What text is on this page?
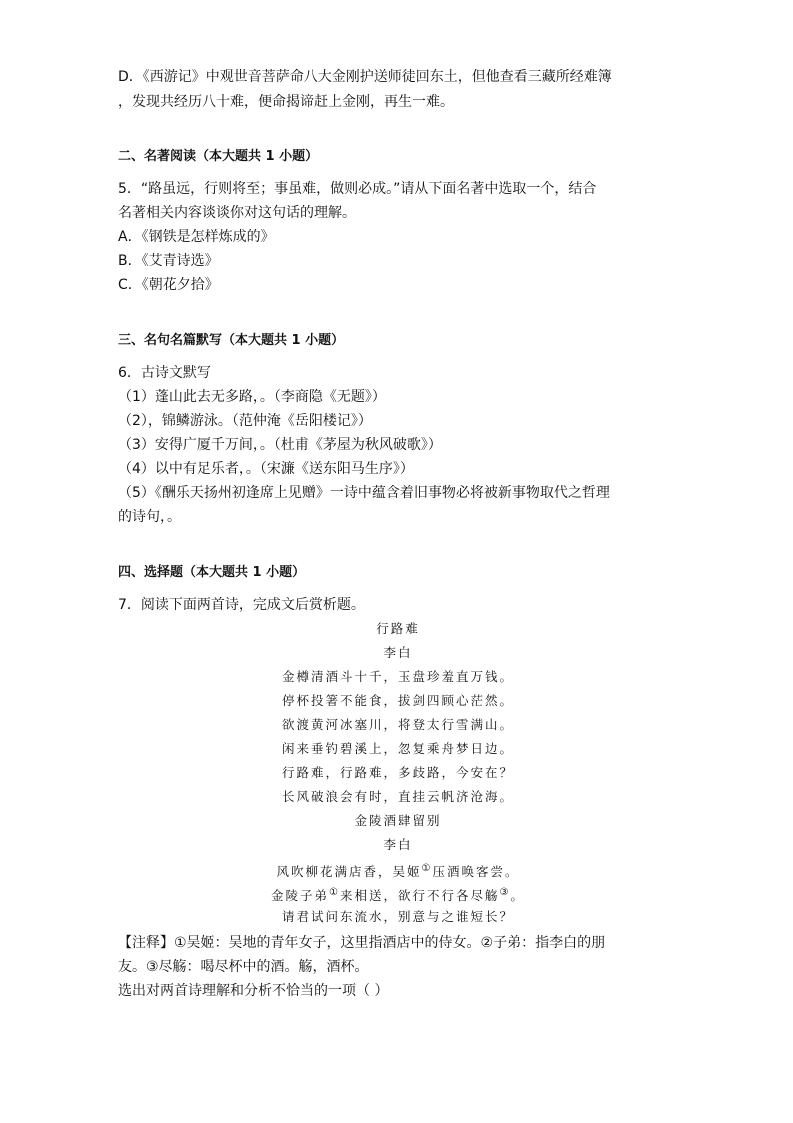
D．《西游记》中观世音菩萨命八大金刚护送师徒回东土，但他查看三藏所经难簿
，发现共经历八十难，便命揭谛赶上金刚，再生一难。
二、名著阅读（本大题共 1 小题）
5．“路虽远，行则将至；事虽难，做则必成。”请从下面名著中选取一个，结合
名著相关内容谈谈你对这句话的理解。
A．《钢铁是怎样炼成的》
B．《艾青诗选》
C．《朝花夕拾》
三、名句名篇默写（本大题共 1 小题）
6．古诗文默写
（1）蓬山此去无多路，。（李商隐《无题》）
（2），锦鳞游泳。（范仲淹《岳阳楼记》）
（3）安得广厦千万间，。（杜甫《茅屋为秋风破歌》）
（4）以中有足乐者，。（宋濂《送东阳马生序》）
（5）《酬乐天扬州初逢席上见赠》一诗中蕴含着旧事物必将被新事物取代之哲理
的诗句，。
四、选择题（本大题共 1 小题）
7．阅读下面两首诗，完成文后赏析题。
行路难
李白
金樽清酒斗十千，玉盘珍羞直万钱。
停杯投箸不能食，拔剑四顾心茫然。
欲渡黄河冰塞川，将登太行雪满山。
闲来垂钓碧溪上，忽复乘舟梦日边。
行路难，行路难，多歧路，今安在？
长风破浪会有时，直挂云帆济沧海。
金陵酒肆留别
李白
风吹柳花满店香，吴姬①压酒唤客尝。
金陵子弟①来相送，欲行不行各尽觞③。
请君试问东流水，别意与之谁短长？
【注释】①吴姬：吴地的青年女子，这里指酒店中的侍女。②子弟：指李白的朋
友。③尽觞：喝尽杯中的酒。觞，酒杯。
选出对两首诗理解和分析不恰当的一项（ ）
